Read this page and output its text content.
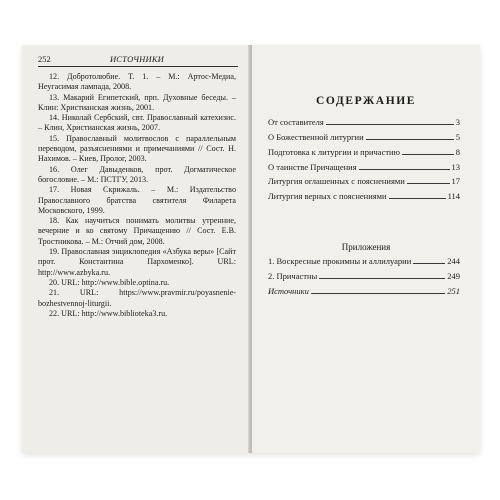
252	ИСТОЧНИКИ

12. Добротолюбие. Т. 1. – М.: Артос-Медиа, Неугасимая лампада, 2008.

13. Макарий Египетский, прп. Духовные беседы. – Клин: Христианская жизнь, 2001.

14. Николай Сербский, свт. Православный катехизис. – Клин, Христианская жизнь, 2007.

15. Православный молитвослов с параллельным переводом, разъяснениями и примечаниями // Сост. Н. Нахимов. – Киев, Пролог, 2003.

16. Олег Давыденков, прот. Догматическое богословие. – М.: ПСТГУ, 2013.

17. Новая Скрижаль. – М.: Издательство Православного братства святителя Филарета Московского, 1999.

18. Как научиться понимать молитвы утренние, вечерние и ко святому Причащению // Сост. Е.В. Тростникова. – М.: Отчий дом, 2008.

19. Православная энциклопедия «Азбука веры» [Сайт прот. Константина Пархоменко]. URL: http://www.azbyka.ru.

20. URL: http://www.bible.optina.ru.

21. URL: https://www.pravmir.ru/poyasnenie-bozhestvennoj-liturgii.

22. URL: http://www.biblioteka3.ru.

СОДЕРЖАНИЕ
От составителя	3
О Божественной литургии	5
Подготовка к литургии и причастию	8
О таинстве Причащения	13
Литургия оглашенных с пояснениями	17
Литургия верных с пояснениями	114
Приложения
1. Воскресные прокимны и аллилуарии	244
2. Причастны	249
Источники	251
